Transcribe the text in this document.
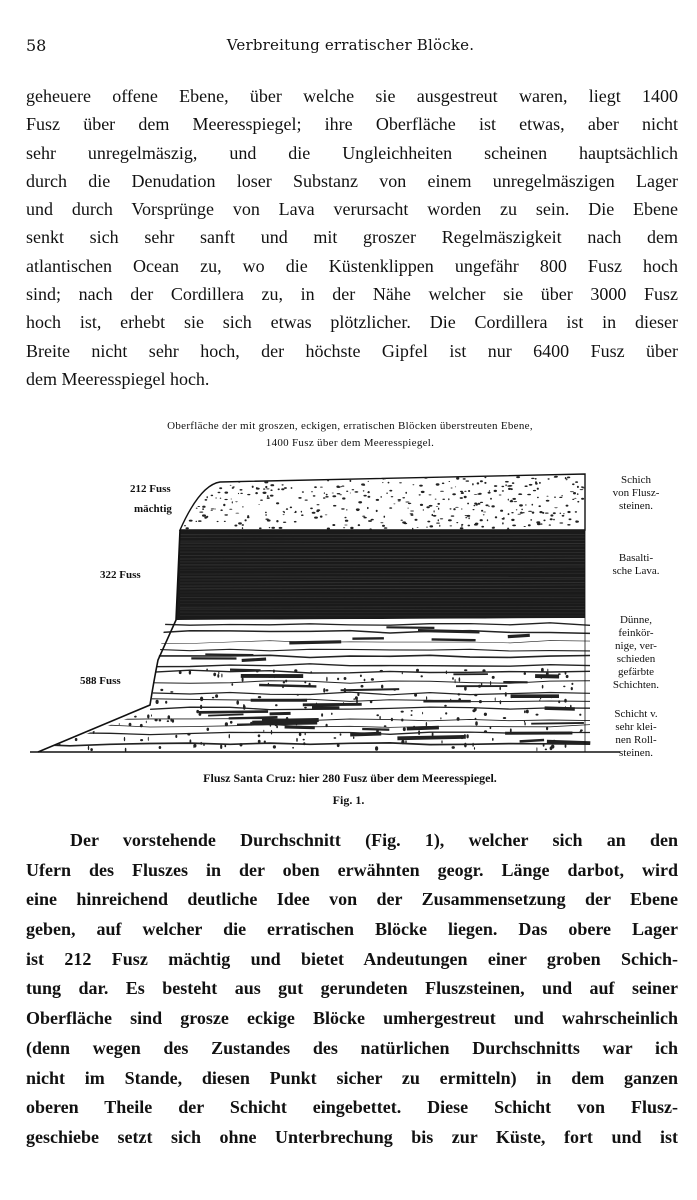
58	Verbreitung erratischer Blöcke.
geheuere offene Ebene, über welche sie ausgestreut waren, liegt 1400
Fusz über dem Meeresspiegel; ihre Oberfläche ist etwas, aber nicht
sehr unregelmäszig, und die Ungleichheiten scheinen hauptsächlich
durch die Denudation loser Substanz von einem unregelmäszigen Lager
und durch Vorsprünge von Lava verursacht worden zu sein. Die Ebene
senkt sich sehr sanft und mit groszer Regelmäszigkeit nach dem
atlantischen Ocean zu, wo die Küstenklippen ungefähr 800 Fusz hoch
sind; nach der Cordillera zu, in der Nähe welcher sie über 3000 Fusz
hoch ist, erhebt sie sich etwas plötzlicher. Die Cordillera ist in dieser
Breite nicht sehr hoch, der höchste Gipfel ist nur 6400 Fusz über
dem Meeresspiegel hoch.
Oberfläche der mit groszen, eckigen, erratischen Blöcken überstreuten Ebene,
1400 Fusz über dem Meeresspiegel.
212 Fuss
mächtig
322 Fuss
588 Fuss
Schich
von Flusz-
steinen.
Basalti-
sche Lava.
Dünne,
feinkör-
nige, ver-
schieden
gefärbte
Schichten.
Schicht v.
sehr klei-
nen Roll-
steinen.
Flusz Santa Cruz: hier 280 Fusz über dem Meeresspiegel.
Fig. 1.
Der vorstehende Durchschnitt (Fig. 1), welcher sich an den
Ufern des Fluszes in der oben erwähnten geogr. Länge darbot, wird
eine hinreichend deutliche Idee von der Zusammensetzung der Ebene
geben, auf welcher die erratischen Blöcke liegen. Das obere Lager
ist 212 Fusz mächtig und bietet Andeutungen einer groben Schich-
tung dar. Es besteht aus gut gerundeten Fluszsteinen, und auf seiner
Oberfläche sind grosze eckige Blöcke umhergestreut und wahrscheinlich
(denn wegen des Zustandes des natürlichen Durchschnitts war ich
nicht im Stande, diesen Punkt sicher zu ermitteln) in dem ganzen
oberen Theile der Schicht eingebettet. Diese Schicht von Flusz-
geschiebe setzt sich ohne Unterbrechung bis zur Küste, fort und ist
